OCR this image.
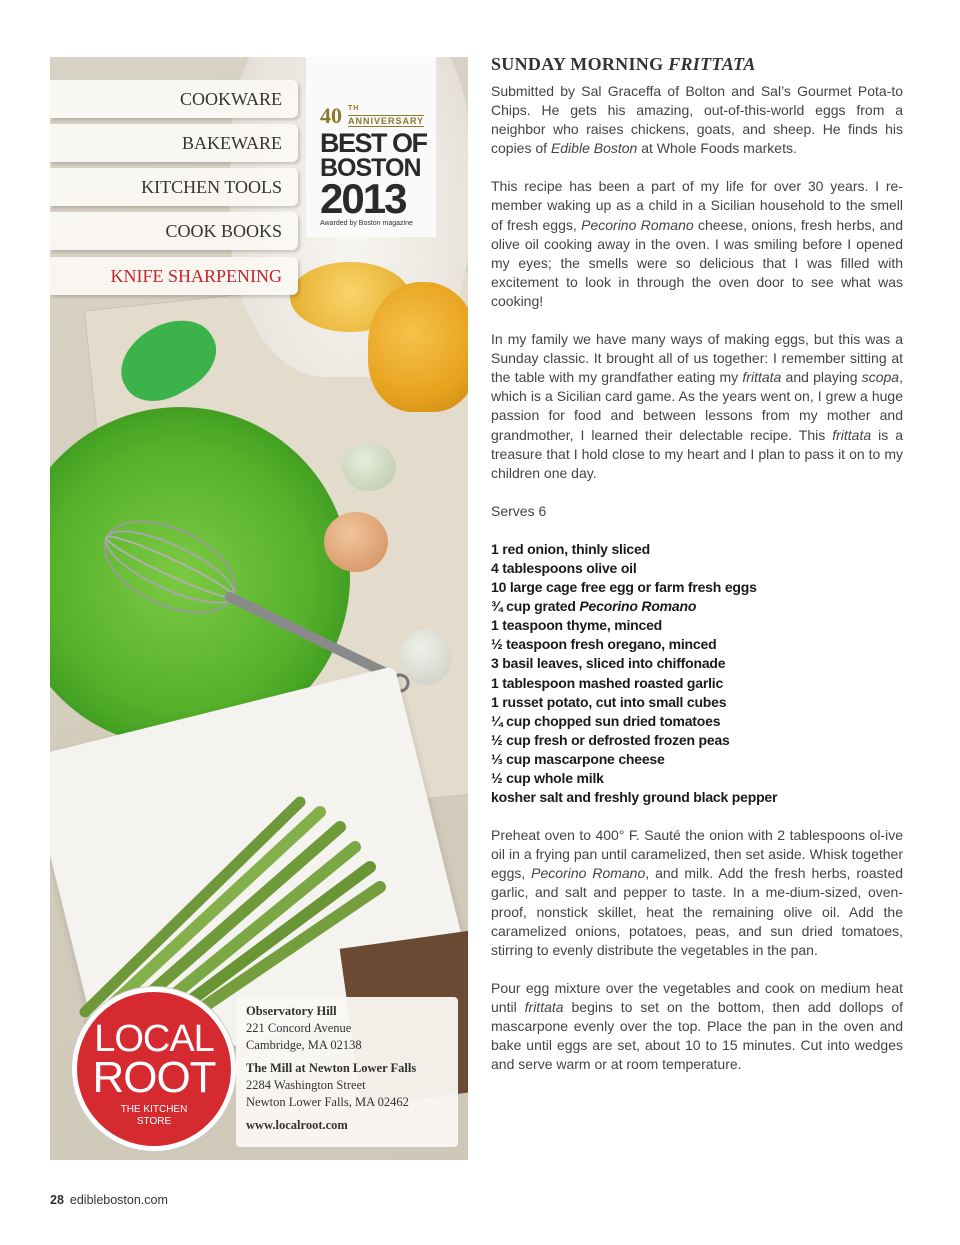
COOKWARE
BAKEWARE
KITCHEN TOOLS
COOK BOOKS
KNIFE SHARPENING
40 TH
ANNIVERSARY
BEST OF
BOSTON
2013
Awarded by Boston magazine
LOCAL
ROOT
THE KITCHEN
STORE
Observatory Hill
221 Concord Avenue
Cambridge, MA 02138
The Mill at Newton Lower Falls
2284 Washington Street
Newton Lower Falls, MA 02462
www.localroot.com
SUNDAY MORNING FRITTATA

Submitted by Sal Graceffa of Bolton and Sal’s Gourmet Pota-to Chips. He gets his amazing, out-of-this-world eggs from a neighbor who raises chickens, goats, and sheep. He finds his copies of Edible Boston at Whole Foods markets.

This recipe has been a part of my life for over 30 years. I re-member waking up as a child in a Sicilian household to the smell of fresh eggs, Pecorino Romano cheese, onions, fresh herbs, and olive oil cooking away in the oven. I was smiling before I opened my eyes; the smells were so delicious that I was filled with excitement to look in through the oven door to see what was cooking!

In my family we have many ways of making eggs, but this was a Sunday classic. It brought all of us together: I remember sitting at the table with my grandfather eating my frittata and playing scopa, which is a Sicilian card game. As the years went on, I grew a huge passion for food and between lessons from my mother and grandmother, I learned their delectable recipe. This frittata is a treasure that I hold close to my heart and I plan to pass it on to my children one day.

Serves 6

1 red onion, thinly sliced
4 tablespoons olive oil
10 large cage free egg or farm fresh eggs
¾ cup grated Pecorino Romano
1 teaspoon thyme, minced
½ teaspoon fresh oregano, minced
3 basil leaves, sliced into chiffonade
1 tablespoon mashed roasted garlic
1 russet potato, cut into small cubes
¼ cup chopped sun dried tomatoes
½ cup fresh or defrosted frozen peas
⅓ cup mascarpone cheese
½ cup whole milk
kosher salt and freshly ground black pepper

Preheat oven to 400° F. Sauté the onion with 2 tablespoons ol-ive oil in a frying pan until caramelized, then set aside. Whisk together eggs, Pecorino Romano, and milk. Add the fresh herbs, roasted garlic, and salt and pepper to taste. In a me-dium-sized, oven-proof, nonstick skillet, heat the remaining olive oil. Add the caramelized onions, potatoes, peas, and sun dried tomatoes, stirring to evenly distribute the vegetables in the pan.

Pour egg mixture over the vegetables and cook on medium heat until frittata begins to set on the bottom, then add dollops of mascarpone evenly over the top. Place the pan in the oven and bake until eggs are set, about 10 to 15 minutes. Cut into wedges and serve warm or at room temperature.

28 edibleboston.com
